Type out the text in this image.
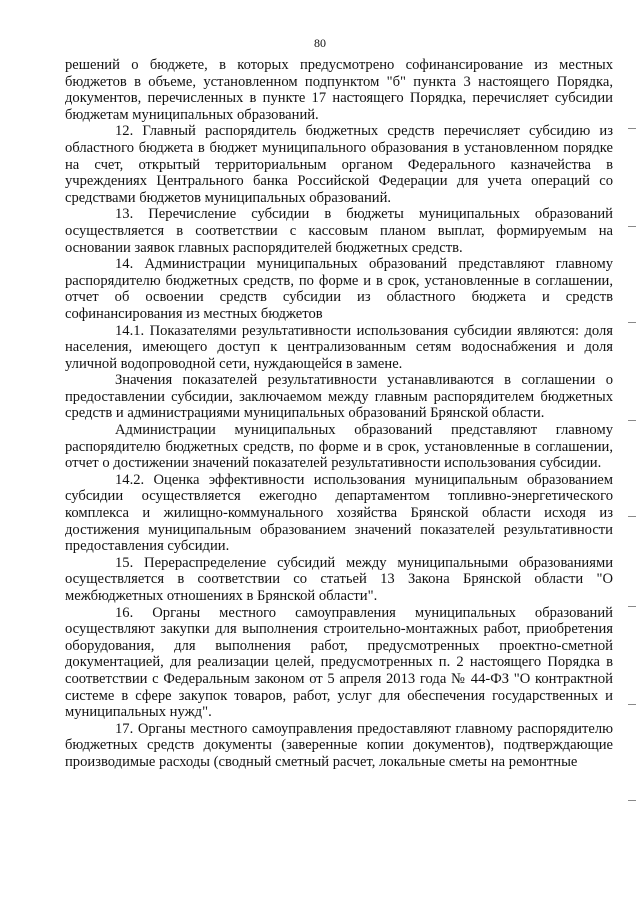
80

решений о бюджете, в которых предусмотрено софинансирование из местных бюджетов в объеме, установленном подпунктом "б" пункта 3 настоящего Порядка, документов, перечисленных в пункте 17 настоящего Порядка, перечисляет субсидии бюджетам муниципальных образований.

12. Главный распорядитель бюджетных средств перечисляет субсидию из областного бюджета в бюджет муниципального образования в установленном порядке на счет, открытый территориальным органом Федерального казначейства в учреждениях Центрального банка Российской Федерации для учета операций со средствами бюджетов муниципальных образований.

13. Перечисление субсидии в бюджеты муниципальных образований осуществляется в соответствии с кассовым планом выплат, формируемым на основании заявок главных распорядителей бюджетных средств.

14. Администрации муниципальных образований представляют главному распорядителю бюджетных средств, по форме и в срок, установленные в соглашении, отчет об освоении средств субсидии из областного бюджета и средств софинансирования из местных бюджетов

14.1. Показателями результативности использования субсидии являются: доля населения, имеющего доступ к централизованным сетям водоснабжения и доля уличной водопроводной сети, нуждающейся в замене.

Значения показателей результативности устанавливаются в соглашении о предоставлении субсидии, заключаемом между главным распорядителем бюджетных средств и администрациями муниципальных образований Брянской области.

Администрации муниципальных образований представляют главному распорядителю бюджетных средств, по форме и в срок, установленные в соглашении, отчет о достижении значений показателей результативности использования субсидии.

14.2. Оценка эффективности использования муниципальным образованием субсидии осуществляется ежегодно департаментом топливно-энергетического комплекса и жилищно-коммунального хозяйства Брянской области исходя из достижения муниципальным образованием значений показателей результативности предоставления субсидии.

15. Перераспределение субсидий между муниципальными образованиями осуществляется в соответствии со статьей 13 Закона Брянской области "О межбюджетных отношениях в Брянской области".

16. Органы местного самоуправления муниципальных образований осуществляют закупки для выполнения строительно-монтажных работ, приобретения оборудования, для выполнения работ, предусмотренных проектно-сметной документацией, для реализации целей, предусмотренных п. 2 настоящего Порядка в соответствии с Федеральным законом от 5 апреля 2013 года № 44-ФЗ "О контрактной системе в сфере закупок товаров, работ, услуг для обеспечения государственных и муниципальных нужд".

17. Органы местного самоуправления предоставляют главному распорядителю бюджетных средств документы (заверенные копии документов), подтверждающие производимые расходы (сводный сметный расчет, локальные сметы на ремонтные
